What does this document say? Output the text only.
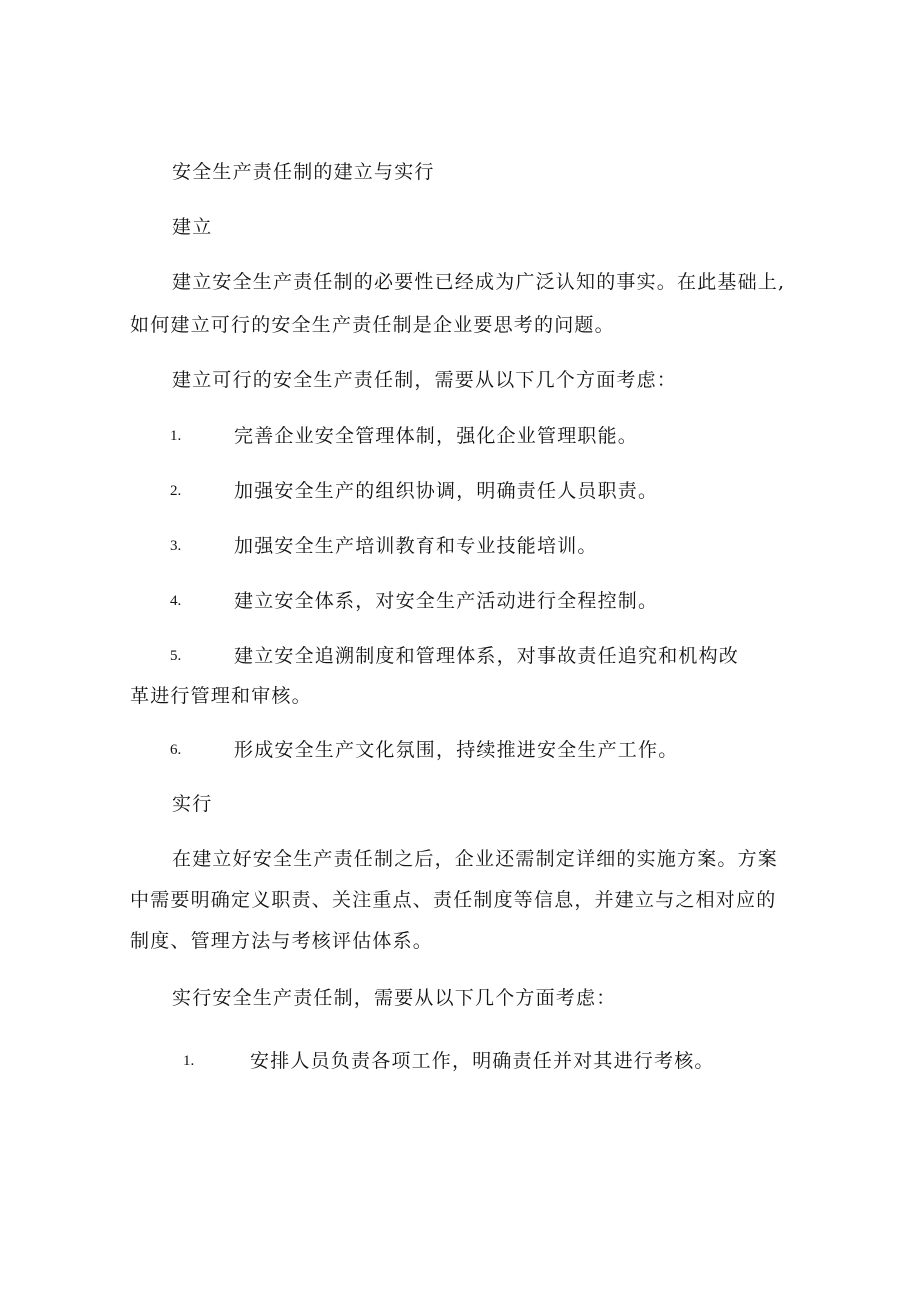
安全生产责任制的建立与实行
建立
建立安全生产责任制的必要性已经成为广泛认知的事实。在此基础上,
如何建立可行的安全生产责任制是企业要思考的问题。
建立可行的安全生产责任制，需要从以下几个方面考虑：
1.	完善企业安全管理体制，强化企业管理职能。
2.	加强安全生产的组织协调，明确责任人员职责。
3.	加强安全生产培训教育和专业技能培训。
4.	建立安全体系，对安全生产活动进行全程控制。
5.	建立安全追溯制度和管理体系，对事故责任追究和机构改
革进行管理和审核。
6.	形成安全生产文化氛围，持续推进安全生产工作。
实行
在建立好安全生产责任制之后，企业还需制定详细的实施方案。方案
中需要明确定义职责、关注重点、责任制度等信息，并建立与之相对应的
制度、管理方法与考核评估体系。
实行安全生产责任制，需要从以下几个方面考虑：
1.	安排人员负责各项工作，明确责任并对其进行考核。
